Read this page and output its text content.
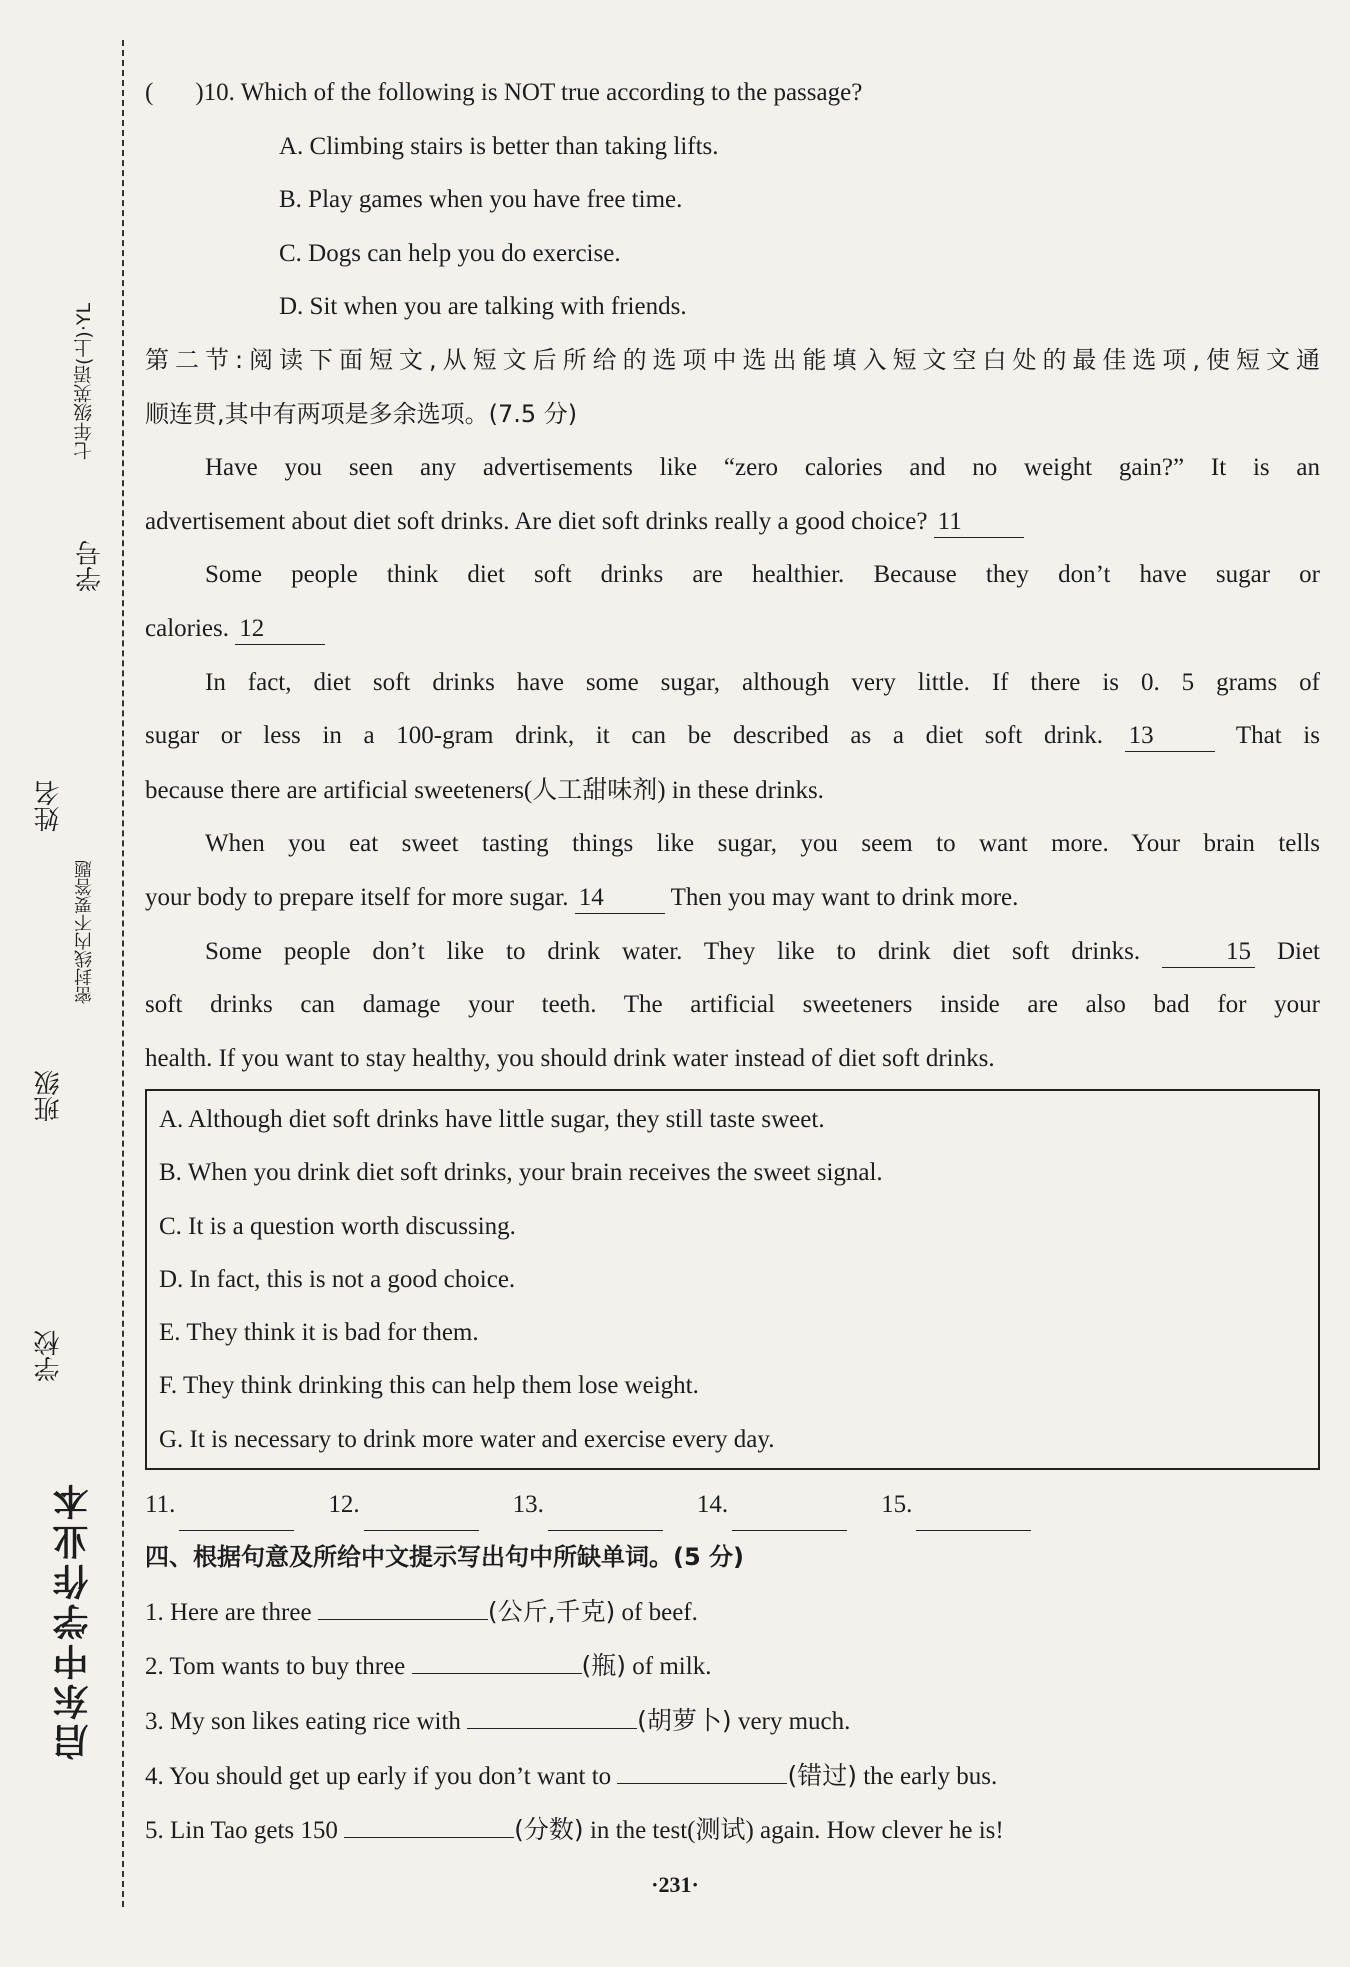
七年级英语(上)·YL
学号
姓名
密封线内不要答题
班级
学校
启东中学作业本

( )10. Which of the following is NOT true according to the passage?

A. Climbing stairs is better than taking lifts.

B. Play games when you have free time.

C. Dogs can help you do exercise.

D. Sit when you are talking with friends.

第二节:阅读下面短文,从短文后所给的选项中选出能填入短文空白处的最佳选项,使短文通

顺连贯,其中有两项是多余选项。(7.5 分)

Have you seen any advertisements like “zero calories and no weight gain?” It is an

advertisement about diet soft drinks. Are diet soft drinks really a good choice? 11

Some people think diet soft drinks are healthier. Because they don’t have sugar or

calories. 12

In fact, diet soft drinks have some sugar, although very little. If there is 0. 5 grams of

sugar or less in a 100-gram drink, it can be described as a diet soft drink. 13	That is

because there are artificial sweeteners(人工甜味剂) in these drinks.

When you eat sweet tasting things like sugar, you seem to want more. Your brain tells

your body to prepare itself for more sugar. 14	Then you may want to drink more.

Some people don’t like to drink water. They like to drink diet soft drinks.	15 Diet

soft drinks can damage your teeth. The artificial sweeteners inside are also bad for your

health. If you want to stay healthy, you should drink water instead of diet soft drinks.

A. Although diet soft drinks have little sugar, they still taste sweet.

B. When you drink diet soft drinks, your brain receives the sweet signal.

C. It is a question worth discussing.

D. In fact, this is not a good choice.

E. They think it is bad for them.

F. They think drinking this can help them lose weight.

G. It is necessary to drink more water and exercise every day.

11.	12.	13.	14.	15.

四、根据句意及所给中文提示写出句中所缺单词。(5 分)

1. Here are three	(公斤,千克) of beef.

2. Tom wants to buy three	(瓶) of milk.

3. My son likes eating rice with	(胡萝卜) very much.

4. You should get up early if you don’t want to	(错过) the early bus.

5. Lin Tao gets 150	(分数) in the test(测试) again. How clever he is!

·231·
